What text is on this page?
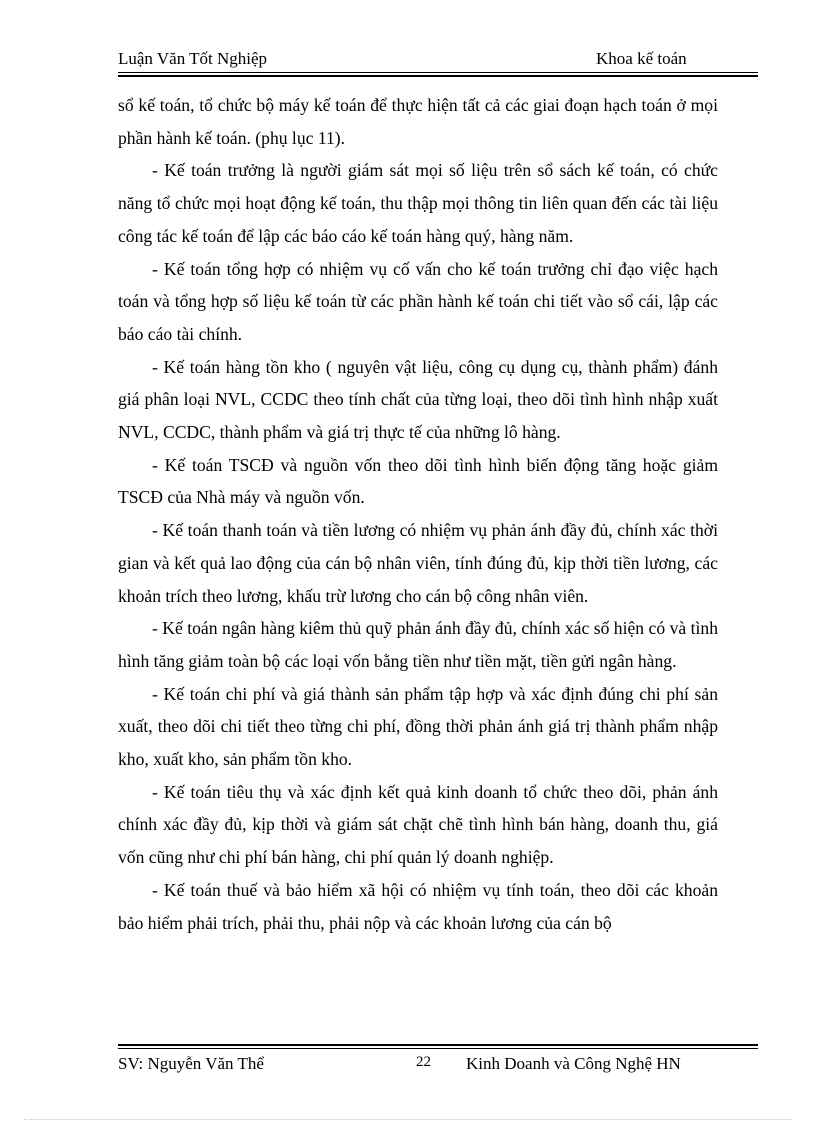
Luận Văn Tốt Nghiệp	Khoa kế toán

sổ kế toán, tổ chức bộ máy kế toán để thực hiện tất cả các giai đoạn hạch toán ở mọi phần hành kế toán. (phụ lục 11).

- Kế toán trưởng là người giám sát mọi số liệu trên sổ sách kế toán, có chức năng tổ chức mọi hoạt động kế toán, thu thập mọi thông tin liên quan đến các tài liệu công tác kế toán để lập các báo cáo kế toán hàng quý, hàng năm.

- Kế toán tổng hợp có nhiệm vụ cố vấn cho kế toán trưởng chỉ đạo việc hạch toán và tổng hợp số liệu kế toán từ các phần hành kế toán chi tiết vào sổ cái, lập các báo cáo tài chính.

- Kế toán hàng tồn kho ( nguyên vật liệu, công cụ dụng cụ, thành phẩm) đánh giá phân loại NVL, CCDC theo tính chất của từng loại, theo dõi tình hình nhập xuất NVL, CCDC, thành phẩm và giá trị thực tế của những lô hàng.

- Kế toán TSCĐ và nguồn vốn theo dõi tình hình biến động tăng hoặc giảm TSCĐ của Nhà máy và nguồn vốn.

- Kế toán thanh toán và tiền lương có nhiệm vụ phản ánh đầy đủ, chính xác thời gian và kết quả lao động của cán bộ nhân viên, tính đúng đủ, kịp thời tiền lương, các khoản trích theo lương, khấu trừ lương cho cán bộ công nhân viên.

- Kế toán ngân hàng kiêm thủ quỹ phản ánh đầy đủ, chính xác số hiện có và tình hình tăng giảm toàn bộ các loại vốn bằng tiền như tiền mặt, tiền gửi ngân hàng.

- Kế toán chi phí và giá thành sản phẩm tập hợp và xác định đúng chi phí sản xuất, theo dõi chi tiết theo từng chi phí, đồng thời phản ánh giá trị thành phẩm nhập kho, xuất kho, sản phẩm tồn kho.

- Kế toán tiêu thụ và xác định kết quả kinh doanh tổ chức theo dõi, phản ánh chính xác đầy đủ, kịp thời và giám sát chặt chẽ tình hình bán hàng, doanh thu, giá vốn cũng như chi phí bán hàng, chi phí quản lý doanh nghiệp.

- Kế toán thuế và bảo hiểm xã hội có nhiệm vụ tính toán, theo dõi các khoản bảo hiểm phải trích, phải thu, phải nộp và các khoản lương của cán bộ

SV: Nguyễn Văn Thể	22 Kinh Doanh và Công Nghệ HN
